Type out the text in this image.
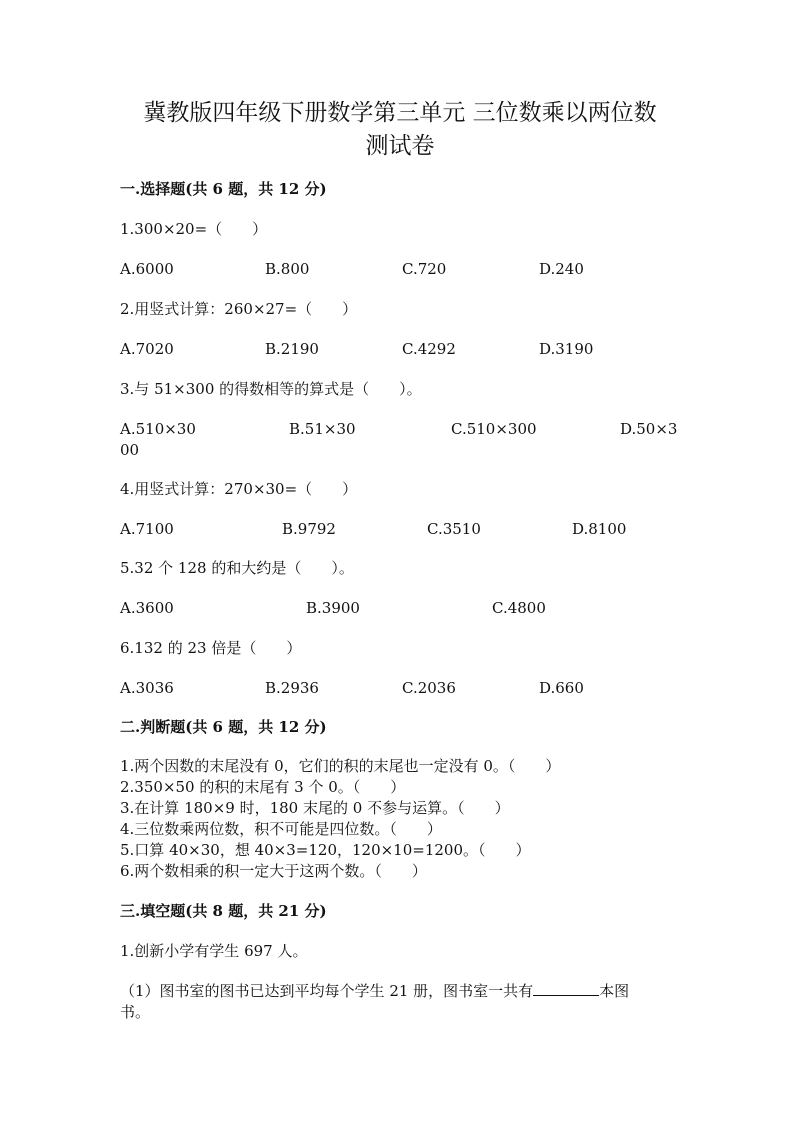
冀教版四年级下册数学第三单元 三位数乘以两位数
测试卷
一.选择题(共 6 题，共 12 分)
1.300×20=（　　）
A.6000	B.800	C.720	D.240
2.用竖式计算：260×27=（　　）
A.7020	B.2190	C.4292	D.3190
3.与 51×300 的得数相等的算式是（　　）。
A.510×30	B.51×30	C.510×300	D.50×3
00
4.用竖式计算：270×30=（　　）
A.7100	B.9792	C.3510	D.8100
5.32 个 128 的和大约是（　　）。
A.3600	B.3900	C.4800
6.132 的 23 倍是（　　）
A.3036	B.2936	C.2036	D.660
二.判断题(共 6 题，共 12 分)
1.两个因数的末尾没有 0，它们的积的末尾也一定没有 0。（　　）
2.350×50 的积的末尾有 3 个 0。（　　）
3.在计算 180×9 时，180 末尾的 0 不参与运算。（　　）
4.三位数乘两位数，积不可能是四位数。（　　）
5.口算 40×30，想 40×3=120，120×10=1200。（　　）
6.两个数相乘的积一定大于这两个数。（　　）
三.填空题(共 8 题，共 21 分)
1.创新小学有学生 697 人。
（1）图书室的图书已达到平均每个学生 21 册，图书室一共有	本图
书。
